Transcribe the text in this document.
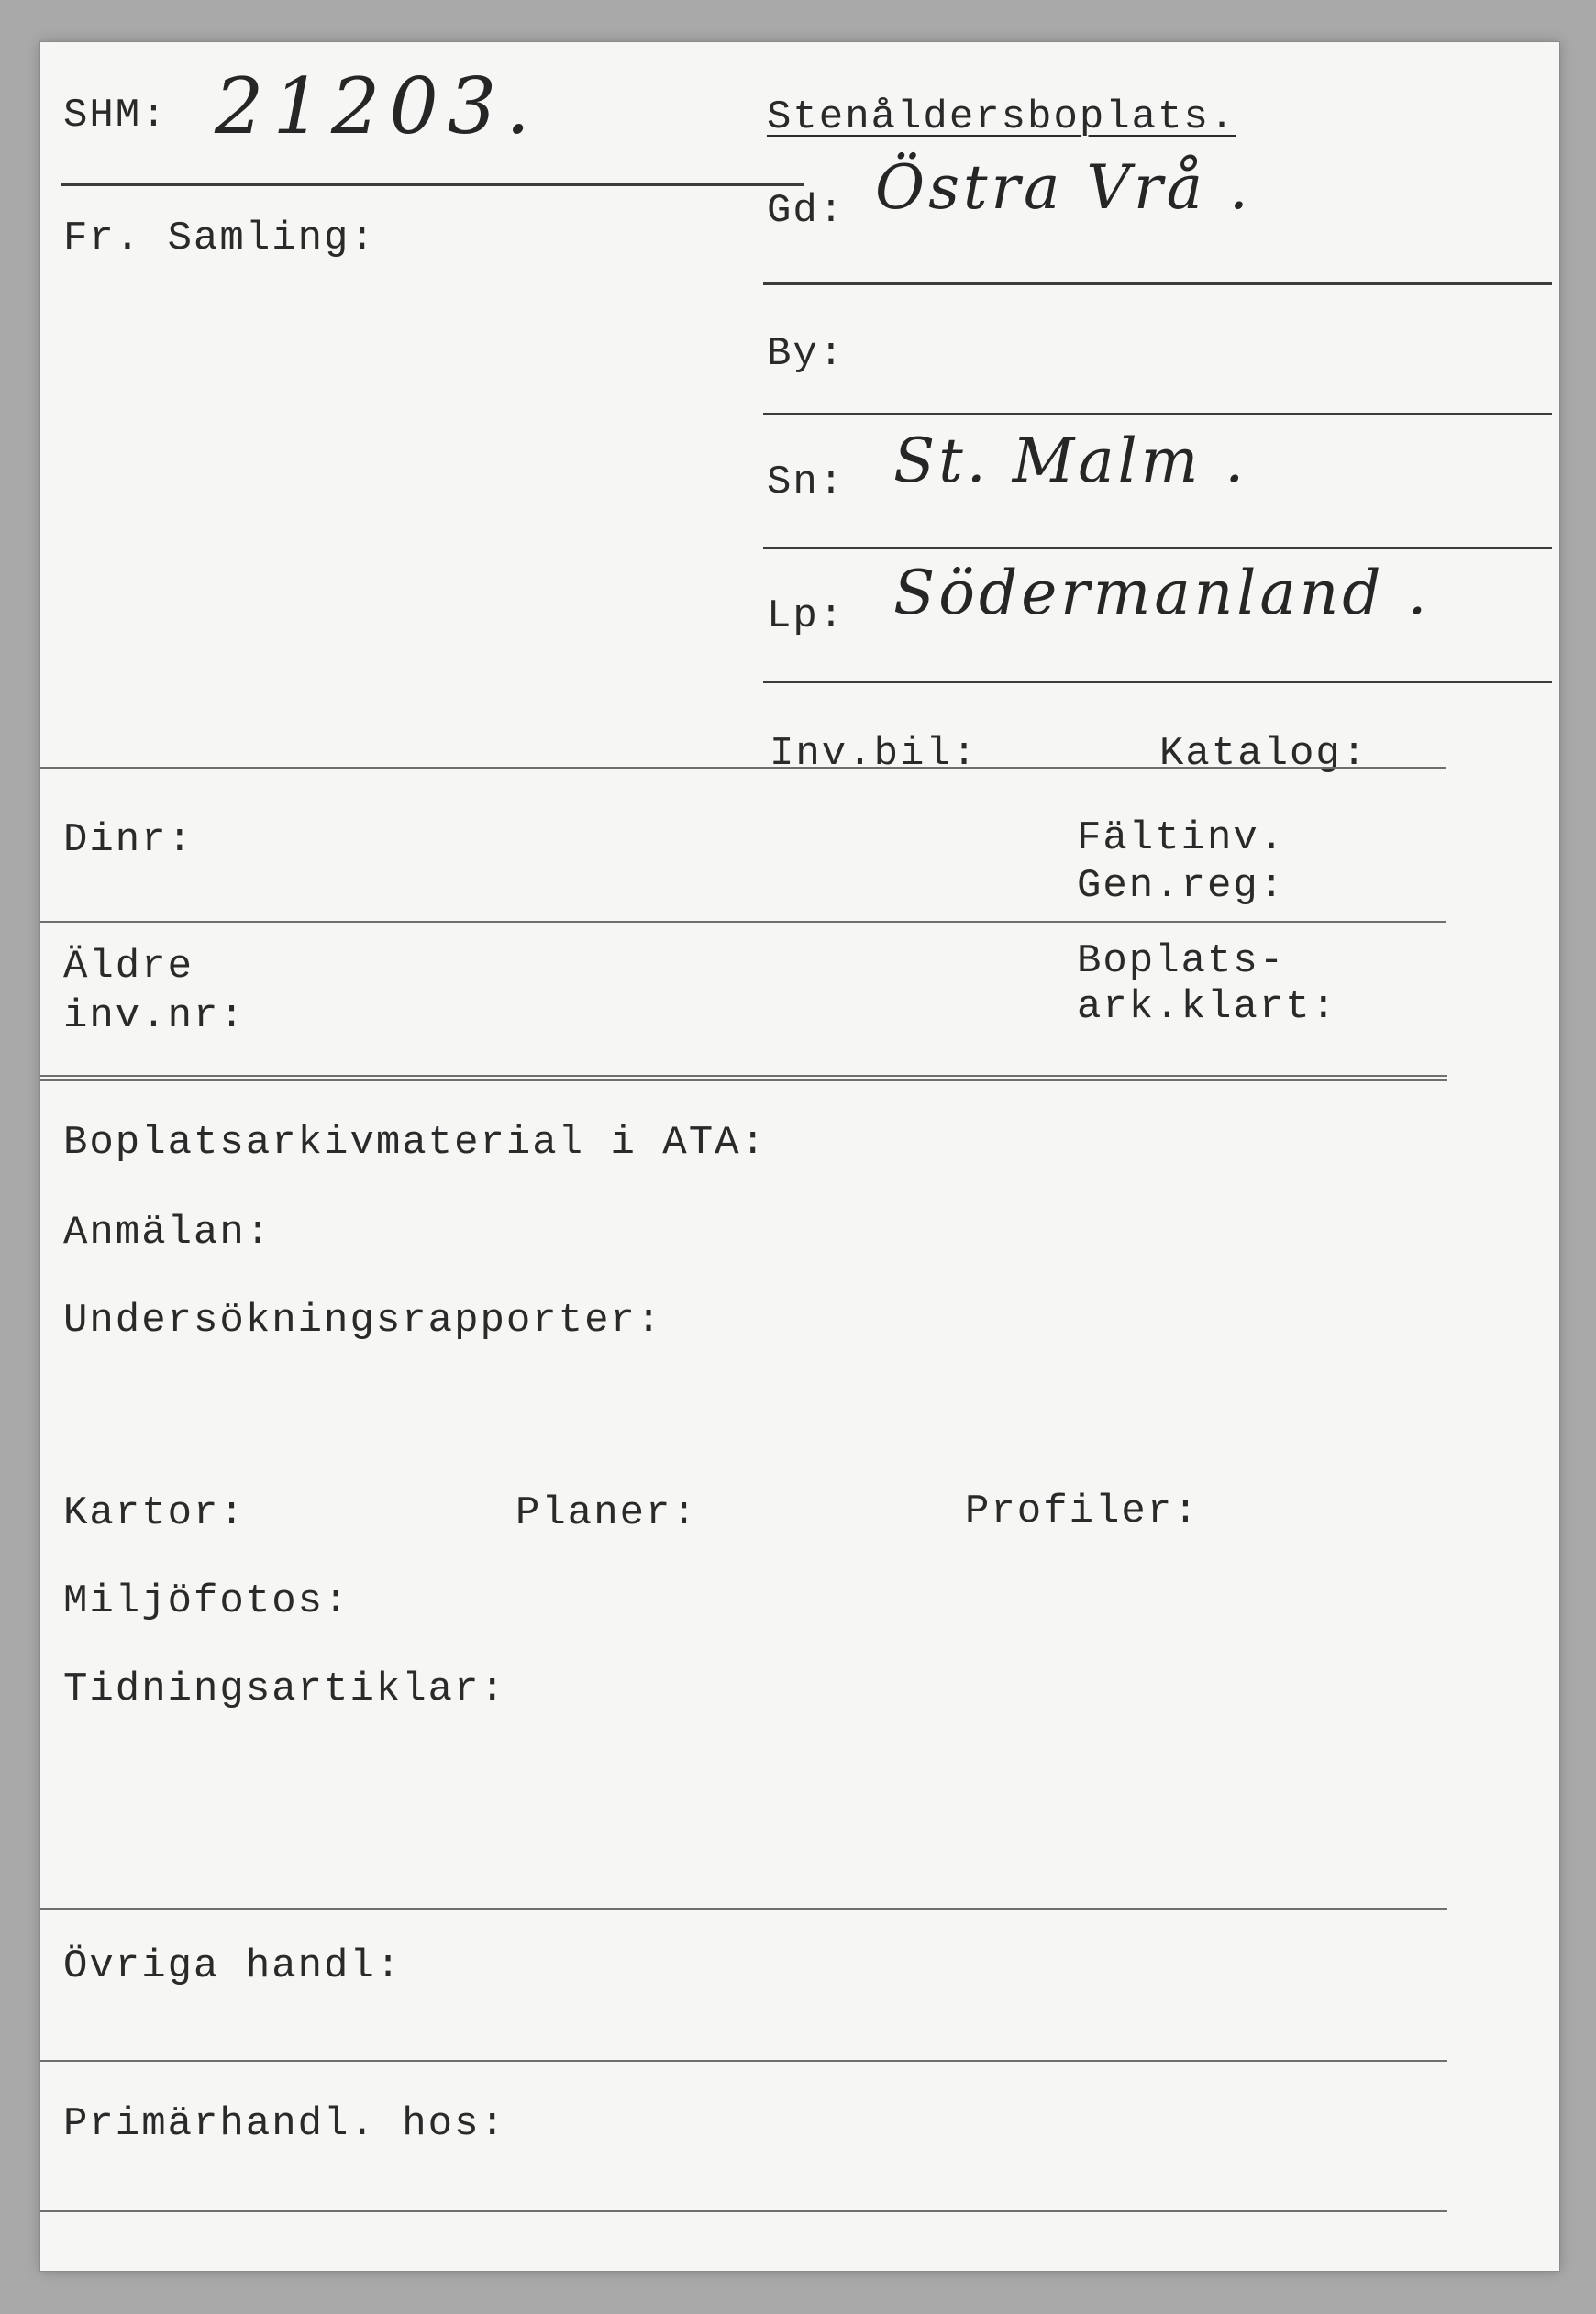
SHM: 21203.
Fr. Samling:
Stenåldersboplats.
Gd: Östra Vrå .
By:
Sn: St. Malm .
Lp: Södermanland .
Inv.bil:	Katalog:
Dinr:	Fältinv.
Gen.reg:
Äldre
inv.nr:
Boplats-
ark.klart:
Boplatsarkivmaterial i ATA:
Anmälan:
Undersökningsrapporter:
Kartor:	Planer:	Profiler:
Miljöfotos:
Tidningsartiklar:
Övriga handl:
Primärhandl. hos:
